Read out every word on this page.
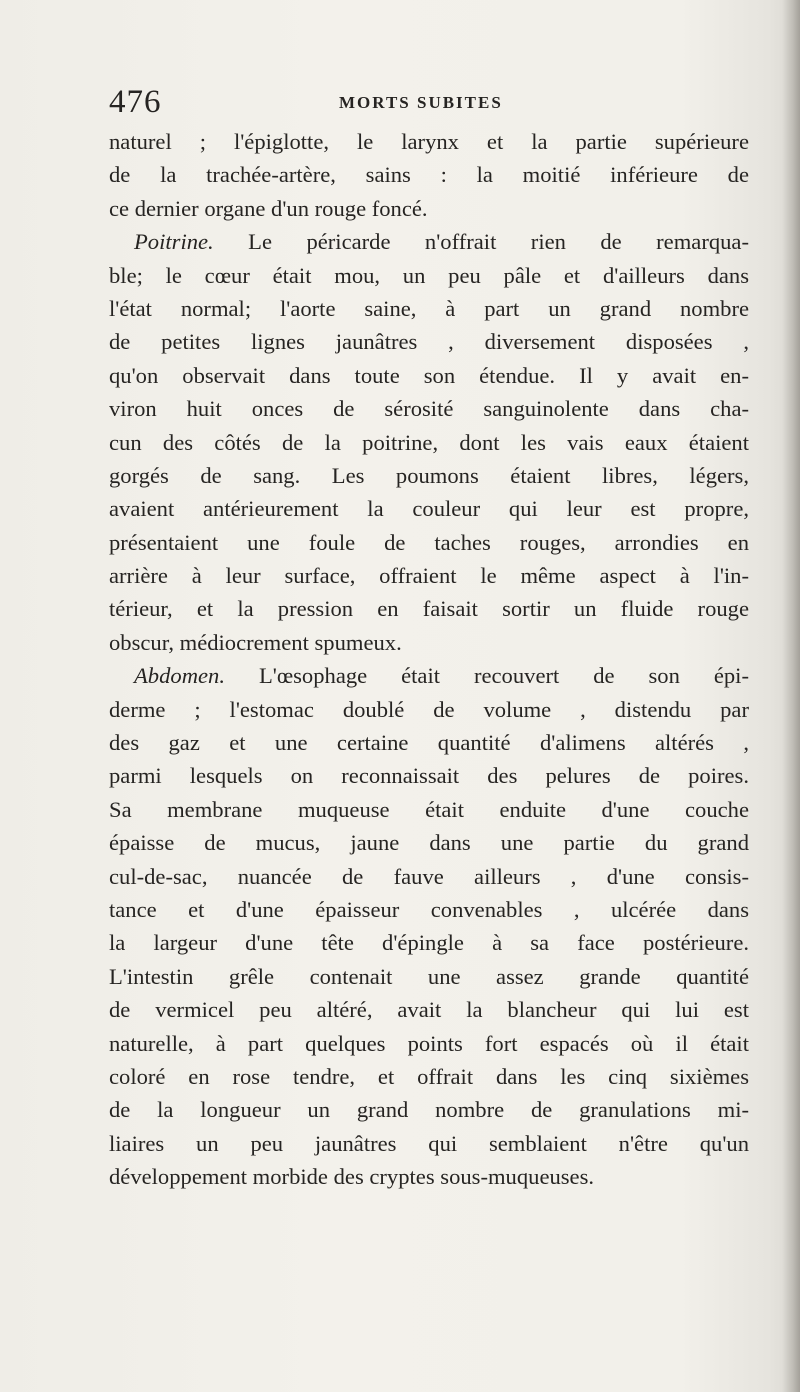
476	MORTS SUBITES
naturel ; l'épiglotte, le larynx et la partie supérieure
de la trachée-artère, sains : la moitié inférieure de
ce dernier organe d'un rouge foncé.
Poitrine. Le péricarde n'offrait rien de remarqua-
ble; le cœur était mou, un peu pâle et d'ailleurs dans
l'état normal; l'aorte saine, à part un grand nombre
de petites lignes jaunâtres , diversement disposées ,
qu'on observait dans toute son étendue. Il y avait en-
viron huit onces de sérosité sanguinolente dans cha-
cun des côtés de la poitrine, dont les vais eaux étaient
gorgés de sang. Les poumons étaient libres, légers,
avaient antérieurement la couleur qui leur est propre,
présentaient une foule de taches rouges, arrondies en
arrière à leur surface, offraient le même aspect à l'in-
térieur, et la pression en faisait sortir un fluide rouge
obscur, médiocrement spumeux.
Abdomen. L'œsophage était recouvert de son épi-
derme ; l'estomac doublé de volume , distendu par
des gaz et une certaine quantité d'alimens altérés ,
parmi lesquels on reconnaissait des pelures de poires.
Sa membrane muqueuse était enduite d'une couche
épaisse de mucus, jaune dans une partie du grand
cul-de-sac, nuancée de fauve ailleurs , d'une consis-
tance et d'une épaisseur convenables , ulcérée dans
la largeur d'une tête d'épingle à sa face postérieure.
L'intestin grêle contenait une assez grande quantité
de vermicel peu altéré, avait la blancheur qui lui est
naturelle, à part quelques points fort espacés où il était
coloré en rose tendre, et offrait dans les cinq sixièmes
de la longueur un grand nombre de granulations mi-
liaires un peu jaunâtres qui semblaient n'être qu'un
développement morbide des cryptes sous-muqueuses.
